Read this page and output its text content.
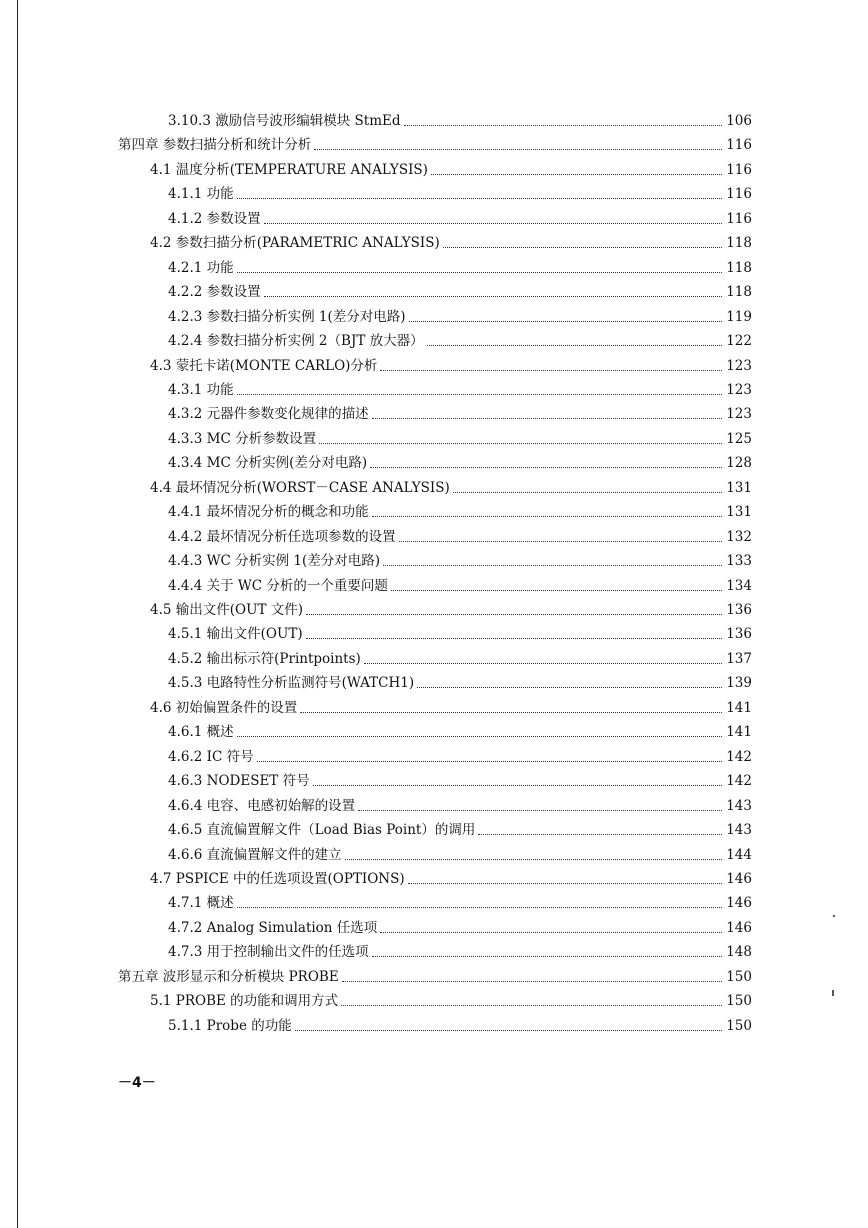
3.10.3 激励信号波形编辑模块 StmEd	106
第四章 参数扫描分析和统计分析	116
4.1 温度分析(TEMPERATURE ANALYSIS)	116
4.1.1 功能	116
4.1.2 参数设置	116
4.2 参数扫描分析(PARAMETRIC ANALYSIS)	118
4.2.1 功能	118
4.2.2 参数设置	118
4.2.3 参数扫描分析实例 1(差分对电路)	119
4.2.4 参数扫描分析实例 2（BJT 放大器）	122
4.3 蒙托卡诺(MONTE CARLO)分析	123
4.3.1 功能	123
4.3.2 元器件参数变化规律的描述	123
4.3.3 MC 分析参数设置	125
4.3.4 MC 分析实例(差分对电路)	128
4.4 最坏情况分析(WORST－CASE ANALYSIS)	131
4.4.1 最坏情况分析的概念和功能	131
4.4.2 最坏情况分析任选项参数的设置	132
4.4.3 WC 分析实例 1(差分对电路)	133
4.4.4 关于 WC 分析的一个重要问题	134
4.5 输出文件(OUT 文件)	136
4.5.1 输出文件(OUT)	136
4.5.2 输出标示符(Printpoints)	137
4.5.3 电路特性分析监测符号(WATCH1)	139
4.6 初始偏置条件的设置	141
4.6.1 概述	141
4.6.2 IC 符号	142
4.6.3 NODESET 符号	142
4.6.4 电容、电感初始解的设置	143
4.6.5 直流偏置解文件（Load Bias Point）的调用	143
4.6.6 直流偏置解文件的建立	144
4.7 PSPICE 中的任选项设置(OPTIONS)	146
4.7.1 概述	146
4.7.2 Analog Simulation 任选项	146
4.7.3 用于控制输出文件的任选项	148
第五章 波形显示和分析模块 PROBE	150
5.1 PROBE 的功能和调用方式	150
5.1.1 Probe 的功能	150
－4－
